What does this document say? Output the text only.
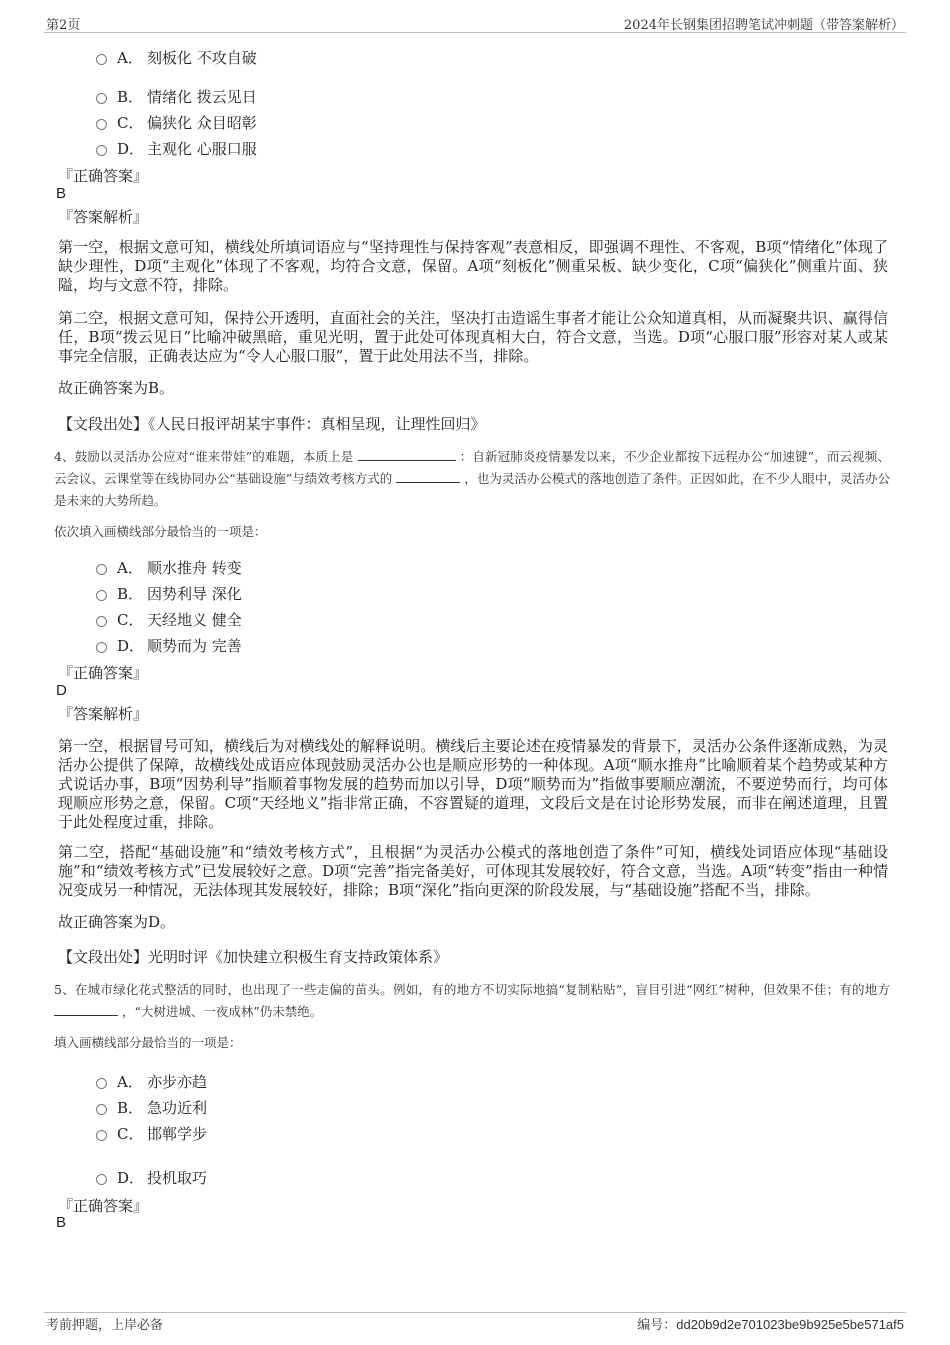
第2页	2024年长钢集团招聘笔试冲刺题（带答案解析）
A． 刻板化 不攻自破
B． 情绪化 拨云见日
C． 偏狭化 众目昭彰
D． 主观化 心服口服
『正确答案』
B
『答案解析』
第一空，根据文意可知，横线处所填词语应与“坚持理性与保持客观”表意相反，即强调不理性、不客观，B项“情绪化”体现了缺少理性，D项“主观化”体现了不客观，均符合文意，保留。A项“刻板化”侧重呆板、缺少变化，C项“偏狭化”侧重片面、狭隘，均与文意不符，排除。
第二空，根据文意可知，保持公开透明，直面社会的关注，坚决打击造谣生事者才能让公众知道真相，从而凝聚共识、赢得信任，B项“拨云见日”比喻冲破黑暗，重见光明，置于此处可体现真相大白，符合文意，当选。D项“心服口服”形容对某人或某事完全信服，正确表达应为“令人心服口服”，置于此处用法不当，排除。
故正确答案为B。
【文段出处】《人民日报评胡某宇事件：真相呈现，让理性回归》
4、鼓励以灵活办公应对“谁来带娃”的难题，本质上是	：自新冠肺炎疫情暴发以来，不少企业都按下远程办公“加速键”，而云视频、云会议、云课堂等在线协同办公“基础设施”与绩效考核方式的	，也为灵活办公模式的落地创造了条件。正因如此，在不少人眼中，灵活办公是未来的大势所趋。
依次填入画横线部分最恰当的一项是：
A． 顺水推舟 转变
B． 因势利导 深化
C． 天经地义 健全
D． 顺势而为 完善
『正确答案』
D
『答案解析』
第一空，根据冒号可知，横线后为对横线处的解释说明。横线后主要论述在疫情暴发的背景下，灵活办公条件逐渐成熟，为灵活办公提供了保障，故横线处成语应体现鼓励灵活办公也是顺应形势的一种体现。A项“顺水推舟”比喻顺着某个趋势或某种方式说话办事，B项“因势利导”指顺着事物发展的趋势而加以引导，D项“顺势而为”指做事要顺应潮流，不要逆势而行，均可体现顺应形势之意，保留。C项“天经地义”指非常正确，不容置疑的道理，文段后文是在讨论形势发展，而非在阐述道理，且置于此处程度过重，排除。
第二空，搭配“基础设施”和“绩效考核方式”，且根据“为灵活办公模式的落地创造了条件”可知，横线处词语应体现“基础设施”和“绩效考核方式”已发展较好之意。D项“完善”指完备美好，可体现其发展较好，符合文意，当选。A项“转变”指由一种情况变成另一种情况，无法体现其发展较好，排除；B项“深化”指向更深的阶段发展，与“基础设施”搭配不当，排除。
故正确答案为D。
【文段出处】光明时评《加快建立积极生育支持政策体系》
5、在城市绿化花式整活的同时，也出现了一些走偏的苗头。例如，有的地方不切实际地搞“复制粘贴”，盲目引进“网红”树种，但效果不佳；有的地方  ，“大树进城、一夜成林”仍未禁绝。
填入画横线部分最恰当的一项是：
A． 亦步亦趋
B． 急功近利
C． 邯郸学步
D． 投机取巧
『正确答案』
B
考前押题，上岸必备	编号：dd20b9d2e701023be9b925e5be571af5
